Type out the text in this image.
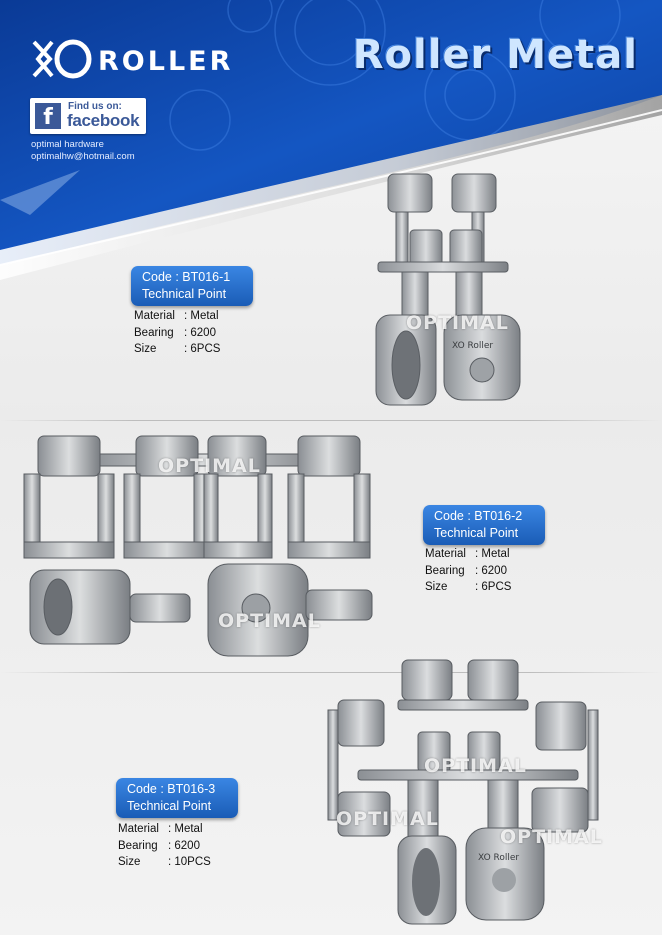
ROLLER	Roller Metal
f	Find us on:
facebook
optimal hardware
optimalhw@hotmail.com
Code : BT016-1
Technical Point
Material : Metal
Bearing : 6200
Size	: 6PCS	XO Roller
OPTIMAL
OPTIMAL
OPTIMAL
Code : BT016-2
Technical Point
Material : Metal
Bearing : 6200
Size	: 6PCS
XO Roller
OPTIMAL
OPTIMAL
OPTIMAL
Code : BT016-3
Technical Point
Material : Metal
Bearing : 6200
Size	: 10PCS
